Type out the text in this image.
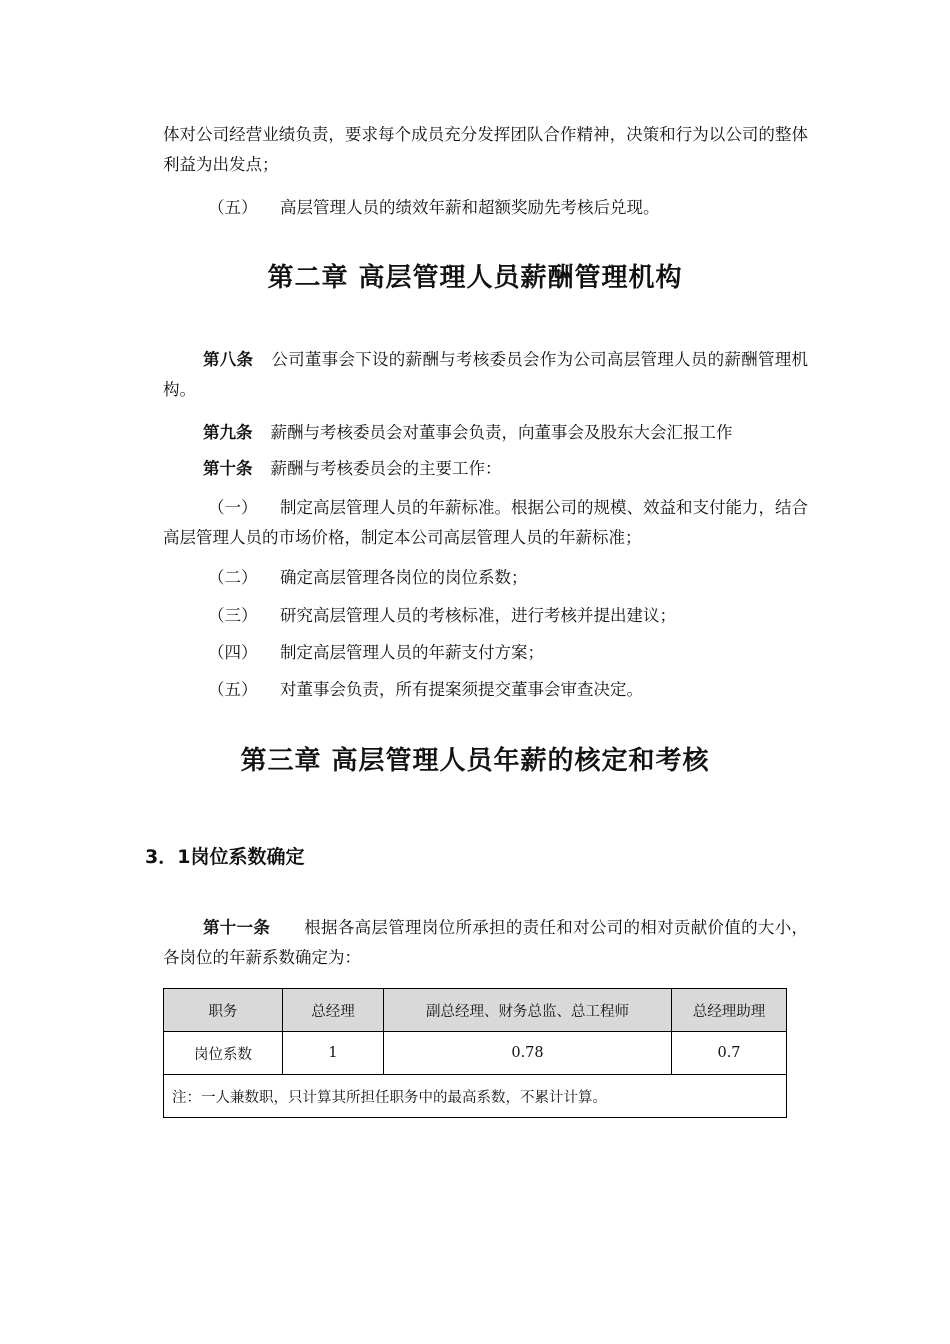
体对公司经营业绩负责，要求每个成员充分发挥团队合作精神，决策和行为以公司的整体利益为出发点；

（五） 高层管理人员的绩效年薪和超额奖励先考核后兑现。

第二章 高层管理人员薪酬管理机构

第八条 公司董事会下设的薪酬与考核委员会作为公司高层管理人员的薪酬管理机构。

第九条 薪酬与考核委员会对董事会负责，向董事会及股东大会汇报工作

第十条 薪酬与考核委员会的主要工作：

（一） 制定高层管理人员的年薪标准。根据公司的规模、效益和支付能力，结合高层管理人员的市场价格，制定本公司高层管理人员的年薪标准；

（二） 确定高层管理各岗位的岗位系数；

（三） 研究高层管理人员的考核标准，进行考核并提出建议；

（四） 制定高层管理人员的年薪支付方案；

（五） 对董事会负责，所有提案须提交董事会审查决定。

第三章 高层管理人员年薪的核定和考核
3．1岗位系数确定

第十一条 根据各高层管理岗位所承担的责任和对公司的相对贡献价值的大小，各岗位的年薪系数确定为：

职务	总经理	副总经理、财务总监、总工程师	总经理助理
岗位系数	1	0.78	0.7
注：一人兼数职，只计算其所担任职务中的最高系数，不累计计算。			
